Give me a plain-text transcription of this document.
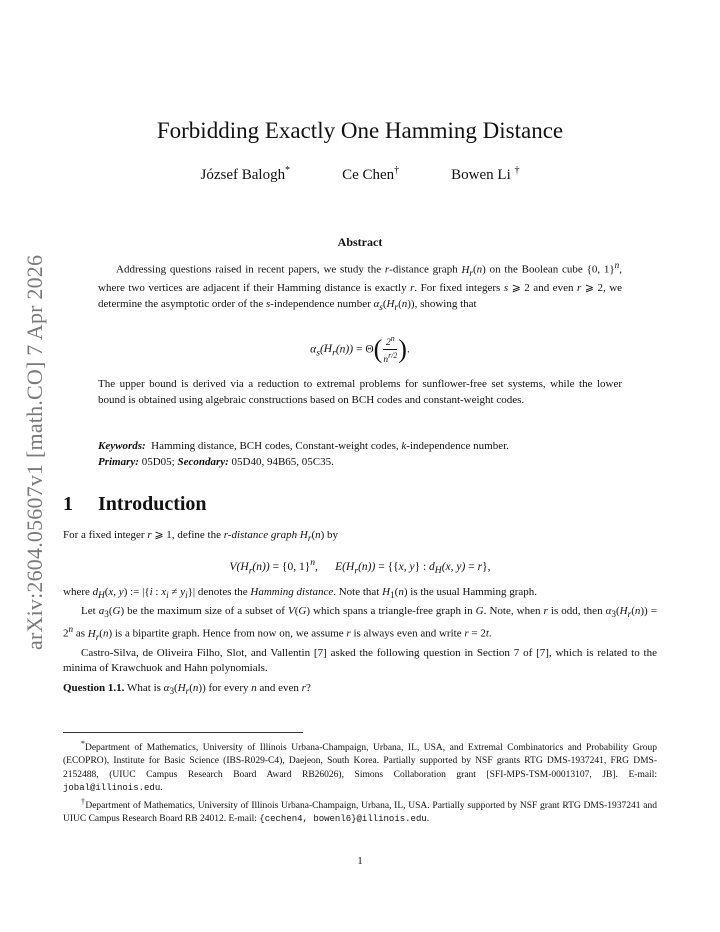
arXiv:2604.05607v1 [math.CO] 7 Apr 2026
Forbidding Exactly One Hamming Distance
József Balogh*	Ce Chen†	Bowen Li †
Abstract

Addressing questions raised in recent papers, we study the r-distance graph $H_r(n)$ on the Boolean cube {0, 1}$^n$, where two vertices are adjacent if their Hamming distance is exactly r. For fixed integers s ⩾ 2 and even r ⩾ 2, we determine the asymptotic order of the s-independence number $\alpha_s(H_r(n))$, showing that

$\alpha_s(H_r(n)) = \Theta( \frac{2^n}{n^{r/2}}$ ).

The upper bound is derived via a reduction to extremal problems for sunflower-free set systems, while the lower bound is obtained using algebraic constructions based on BCH codes and constant-weight codes.

Keywords: Hamming distance, BCH codes, Constant-weight codes, k-independence number.

Primary: 05D05; Secondary: 05D40, 94B65, 05C35.

1 Introduction

For a fixed integer r ⩾ 1, define the r-distance graph $H_r(n)$ by

$V(H_r(n)) = \{0$, 1}$^n$, $E(H_r(n)) = \{\{x$, y} : $d_H(x$, y) = r},

where $d_H(x$, y) := |{i : $x_i \ne y_i\}|$ denotes the Hamming distance. Note that $H_1(n)$ is the usual Hamming graph.

Let $a_3(G)$ be the maximum size of a subset of V(G) which spans a triangle-free graph in G. Note, when r is odd, then $\alpha_3(H_r(n)) = 2^n$ as $H_r(n)$ is a bipartite graph. Hence from now on, we assume r is always even and write r = 2t.

Castro-Silva, de Oliveira Filho, Slot, and Vallentin [7] asked the following question in Section 7 of [7], which is related to the minima of Krawchuok and Hahn polynomials.

Question 1.1. What is $\alpha_3(H_r(n))$ for every n and even r?

*Department of Mathematics, University of Illinois Urbana-Champaign, Urbana, IL, USA, and Extremal Combinatorics and Probability Group (ECOPRO), Institute for Basic Science (IBS-R029-C4), Daejeon, South Korea. Partially supported by NSF grants RTG DMS-1937241, FRG DMS-2152488, (UIUC Campus Research Board Award RB26026), Simons Collaboration grant [SFI-MPS-TSM-00013107, JB]. E-mail: jobal@illinois.edu.

†Department of Mathematics, University of Illinois Urbana-Champaign, Urbana, IL, USA. Partially supported by NSF grant RTG DMS-1937241 and UIUC Campus Research Board RB 24012. E-mail: {cechen4, bowenl6}@illinois.edu.

1
